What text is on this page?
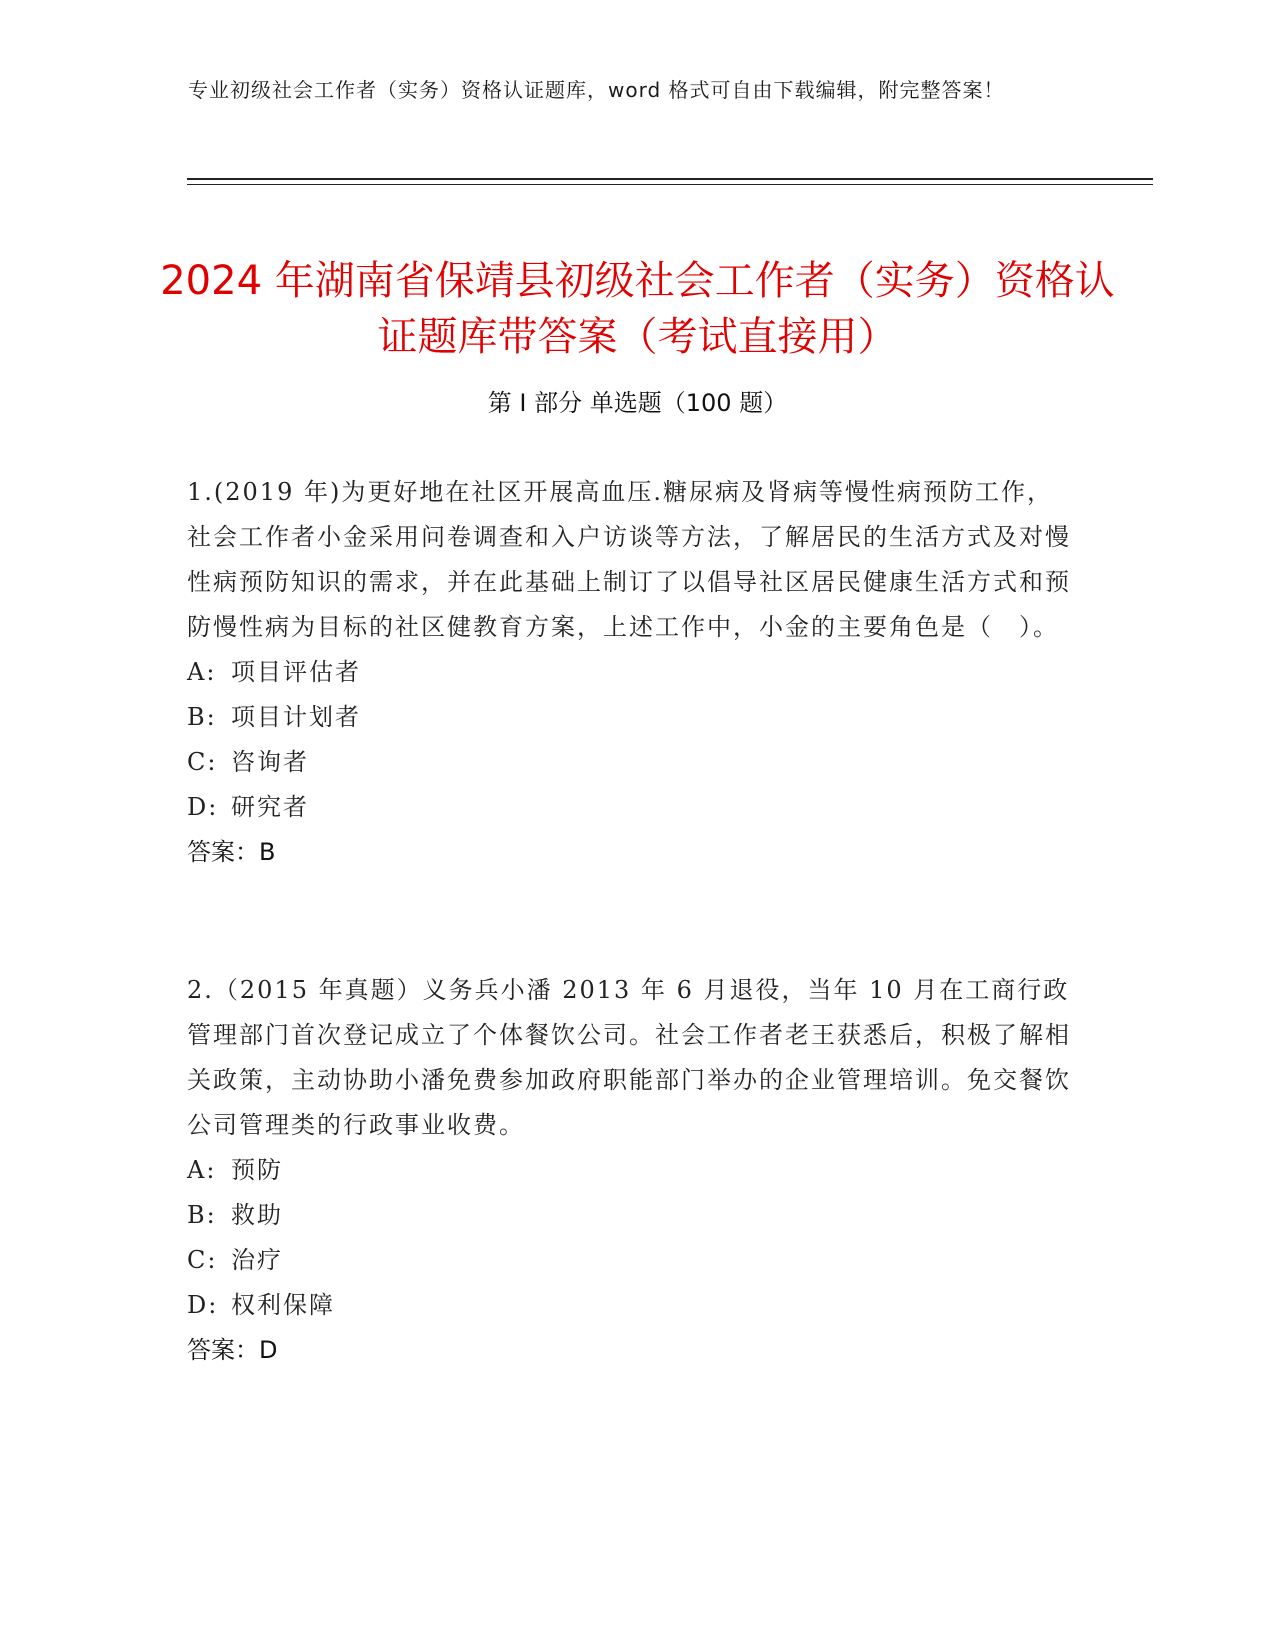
专业初级社会工作者（实务）资格认证题库，word 格式可自由下载编辑，附完整答案！
2024 年湖南省保靖县初级社会工作者（实务）资格认证题库带答案（考试直接用）
第 I 部分 单选题（100 题）

1.(2019 年)为更好地在社区开展高血压.糖尿病及肾病等慢性病预防工作，社会工作者小金采用问卷调查和入户访谈等方法，了解居民的生活方式及对慢性病预防知识的需求，并在此基础上制订了以倡导社区居民健康生活方式和预防慢性病为目标的社区健教育方案，上述工作中，小金的主要角色是（　）。

A: 项目评估者

B: 项目计划者

C: 咨询者

D: 研究者

答案：B

2.（2015 年真题）义务兵小潘 2013 年 6 月退役，当年 10 月在工商行政管理部门首次登记成立了个体餐饮公司。社会工作者老王获悉后，积极了解相关政策，主动协助小潘免费参加政府职能部门举办的企业管理培训。免交餐饮公司管理类的行政事业收费。

A: 预防

B: 救助

C: 治疗

D: 权利保障

答案：D
